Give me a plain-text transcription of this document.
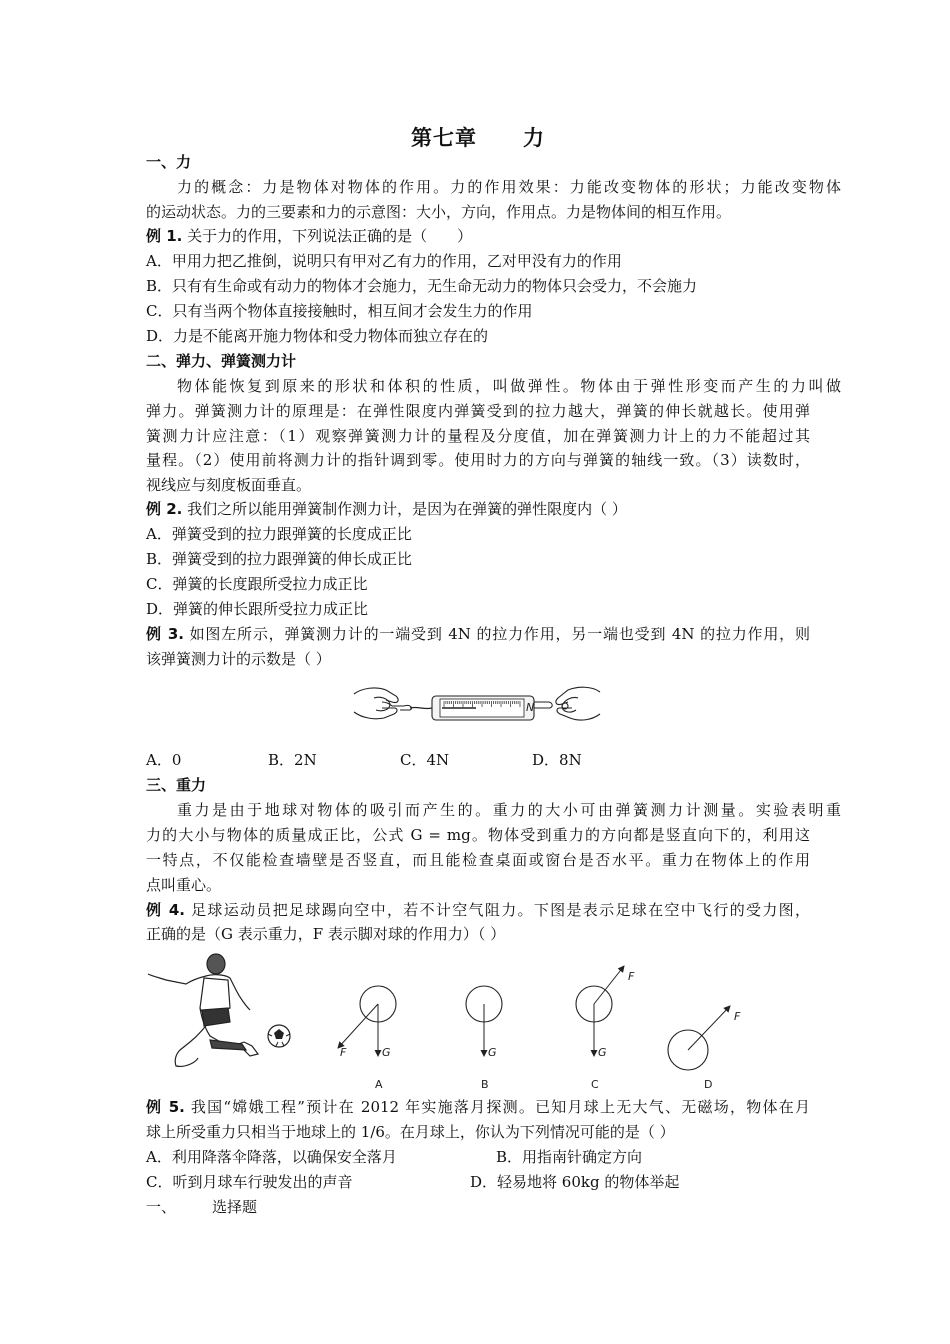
第七章 力
一、力
力的概念：力是物体对物体的作用。力的作用效果：力能改变物体的形状；力能改变物体
的运动状态。力的三要素和力的示意图：大小，方向，作用点。力是物体间的相互作用。
例 1. 关于力的作用，下列说法正确的是（　　）
A．甲用力把乙推倒，说明只有甲对乙有力的作用，乙对甲没有力的作用
B．只有有生命或有动力的物体才会施力，无生命无动力的物体只会受力，不会施力
C．只有当两个物体直接接触时，相互间才会发生力的作用
D．力是不能离开施力物体和受力物体而独立存在的
二、弹力、弹簧测力计
物体能恢复到原来的形状和体积的性质，叫做弹性。物体由于弹性形变而产生的力叫做
弹力。弹簧测力计的原理是：在弹性限度内弹簧受到的拉力越大，弹簧的伸长就越长。使用弹
簧测力计应注意：（1）观察弹簧测力计的量程及分度值，加在弹簧测力计上的力不能超过其
量程。（2）使用前将测力计的指针调到零。使用时力的方向与弹簧的轴线一致。（3）读数时，
视线应与刻度板面垂直。
例 2. 我们之所以能用弹簧制作测力计，是因为在弹簧的弹性限度内（ ）
A．弹簧受到的拉力跟弹簧的长度成正比
B．弹簧受到的拉力跟弹簧的伸长成正比
C．弹簧的长度跟所受拉力成正比
D．弹簧的伸长跟所受拉力成正比
例 3. 如图左所示，弹簧测力计的一端受到 4N 的拉力作用，另一端也受到 4N 的拉力作用，则
该弹簧测力计的示数是（ ）
N
A．0	B．2N	C．4N	D．8N
三、重力
重力是由于地球对物体的吸引而产生的。重力的大小可由弹簧测力计测量。实验表明重
力的大小与物体的质量成正比，公式 G = mg。物体受到重力的方向都是竖直向下的，利用这
一特点，不仅能检查墙壁是否竖直，而且能检查桌面或窗台是否水平。重力在物体上的作用
点叫重心。
例 4. 足球运动员把足球踢向空中，若不计空气阻力。下图是表示足球在空中飞行的受力图，
正确的是（G 表示重力，F 表示脚对球的作用力）（ ）
F	G
A
G
B
F
G
C
F
D
例 5. 我国“嫦娥工程”预计在 2012 年实施落月探测。已知月球上无大气、无磁场，物体在月
球上所受重力只相当于地球上的 1/6。在月球上，你认为下列情况可能的是（ ）
A．利用降落伞降落，以确保安全落月	B．用指南针确定方向
C．听到月球车行驶发出的声音	D．轻易地将 60kg 的物体举起
一、 选择题
